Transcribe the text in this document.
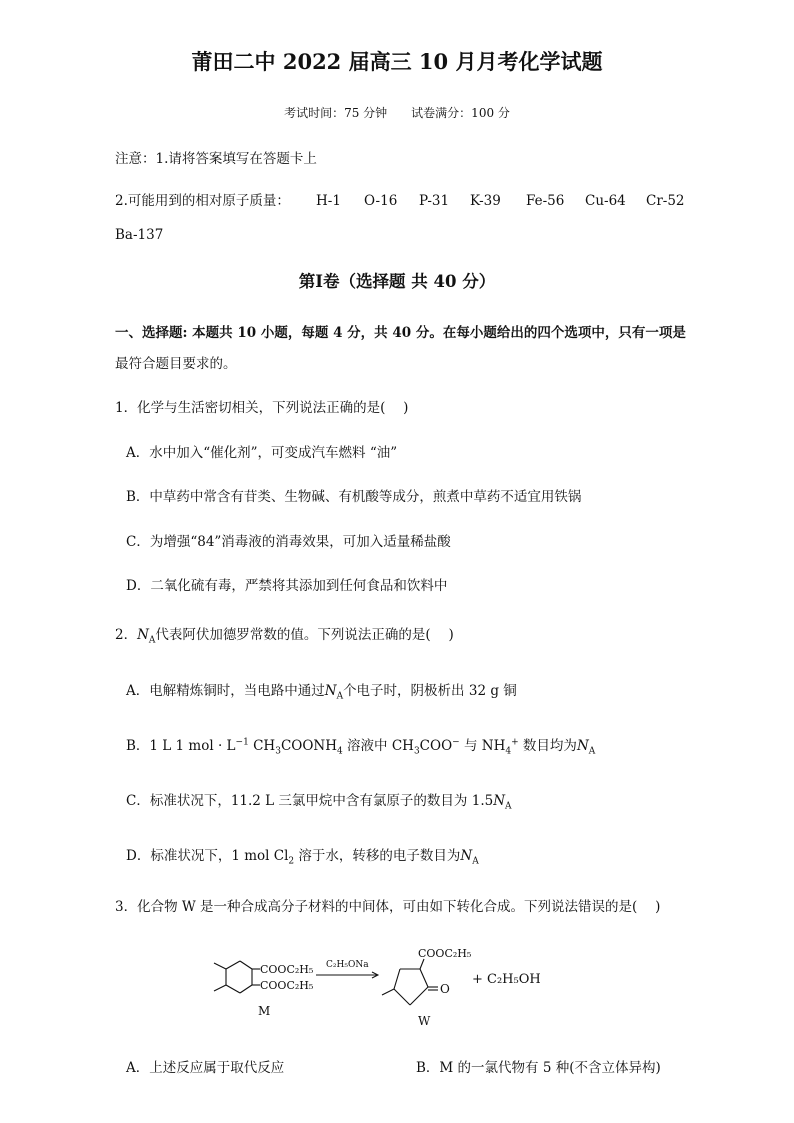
莆田二中 2022 届高三 10 月月考化学试题
考试时间：75 分钟　　试卷满分：100 分
注意：1.请将答案填写在答题卡上
2.可能用到的相对原子质量： H-1 O-16 P-31 K-39 Fe-56 Cu-64 Cr-52
Ba-137
第Ⅰ卷（选择题 共 40 分）
一、选择题: 本题共 10 小题，每题 4 分，共 40 分。在每小题给出的四个选项中，只有一项是
最符合题目要求的。
1．化学与生活密切相关，下列说法正确的是(　 )
A．水中加入“催化剂”，可变成汽车燃料 “油”
B．中草药中常含有苷类、生物碱、有机酸等成分，煎煮中草药不适宜用铁锅
C．为增强“84”消毒液的消毒效果，可加入适量稀盐酸
D．二氧化硫有毒，严禁将其添加到任何食品和饮料中
2．$N_A$代表阿伏加德罗常数的值。下列说法正确的是(　 )
A．电解精炼铜时，当电路中通过$N_A$个电子时，阴极析出 32 g 铜
B．1 L 1 mol · $L^{-1}$ $CH_3COONH_4$ 溶液中 $CH_3COO^-$ 与 $NH_4^+$ 数目均为$N_A$
C．标准状况下，11.2 L 三氯甲烷中含有氯原子的数目为 $1.5N_A$
D．标准状况下，1 mol $Cl_2$ 溶于水，转移的电子数目为$N_A$
3．化合物 W 是一种合成高分子材料的中间体，可由如下转化合成。下列说法错误的是(　 )
COOC₂H₅
COOC₂H₅
M
C₂H₅ONa
COOC₂H₅
O
W
+ C₂H₅OH
A．上述反应属于取代反应	B．M 的一氯代物有 5 种(不含立体异构)
